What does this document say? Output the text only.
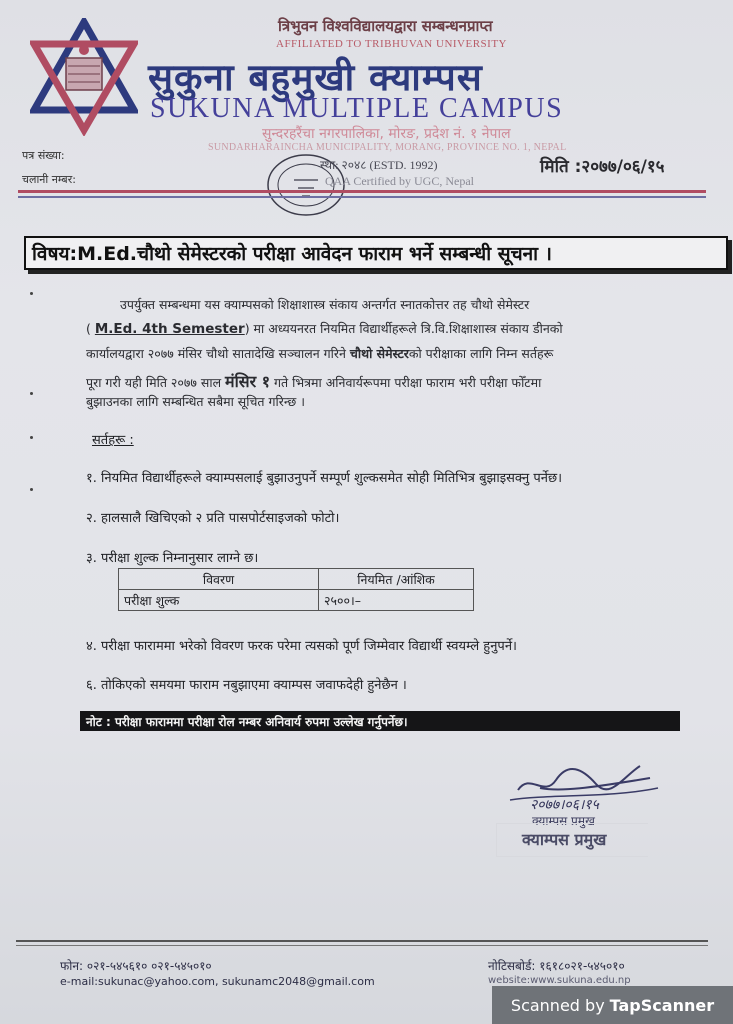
त्रिभुवन विश्वविद्यालयद्वारा सम्बन्धनप्राप्त
AFFILIATED TO TRIBHUVAN UNIVERSITY
सुकुना बहुमुखी क्याम्पस
SUKUNA MULTIPLE CAMPUS
सुन्दरहरैंचा नगरपालिका, मोरङ, प्रदेश नं. १ नेपाल
SUNDARHARAINCHA MUNICIPALITY, MORANG, PROVINCE NO. 1, NEPAL
स्था: २०४८ (ESTD. 1992)
QAA Certified by UGC, Nepal
पत्र संख्या:
चलानी नम्बर:
मिति :२०७७/०६/१५
विषय:M.Ed.चौथो सेमेस्टरको परीक्षा आवेदन फाराम भर्ने सम्बन्धी सूचना ।
उपर्युक्त सम्बन्धमा यस क्याम्पसको शिक्षाशास्त्र संकाय अन्तर्गत स्नातकोत्तर तह चौथो सेमेस्टर
( M.Ed. 4th Semester) मा अध्ययनरत नियमित विद्यार्थीहरूले त्रि.वि.शिक्षाशास्त्र संकाय डीनको
कार्यालयद्वारा २०७७ मंसिर चौथो सातादेखि सञ्चालन गरिने चौथो सेमेस्टरको परीक्षाका लागि निम्न सर्तहरू
पूरा गरी यही मिति २०७७ साल मंसिर १ गते भित्रमा अनिवार्यरूपमा परीक्षा फाराम भरी परीक्षा फोँटमा
बुझाउनका लागि सम्बन्धित सबैमा सूचित गरिन्छ ।
सर्तहरू :
१. नियमित विद्यार्थीहरूले क्याम्पसलाई बुझाउनुपर्ने सम्पूर्ण शुल्कसमेत सोही मितिभित्र बुझाइसक्नु पर्नेछ।
२. हालसालै खिचिएको २ प्रति पासपोर्टसाइजको फोटो।
३. परीक्षा शुल्क निम्नानुसार लाग्ने छ।
विवरण	नियमित /आंशिक
परीक्षा शुल्क	२५००।–
४. परीक्षा फाराममा भरेको विवरण फरक परेमा त्यसको पूर्ण जिम्मेवार विद्यार्थी स्वयम्ले हुनुपर्ने।
६. तोकिएको समयमा फाराम नबुझाएमा क्याम्पस जवाफदेही हुनेछैन ।
नोट : परीक्षा फाराममा परीक्षा रोल नम्बर अनिवार्य रुपमा उल्लेख गर्नुपर्नेछ।
२०७७।०६।१५
क्याम्पस प्रमुख
क्याम्पस प्रमुख
फोन: ०२१-५४५६१० ०२१-५४५०१०
e-mail:sukunac@yahoo.com, sukunamc2048@gmail.com
नोटिसबोर्ड: १६१८०२१-५४५०१०
website:www.sukuna.edu.np
Scanned by TapScanner
